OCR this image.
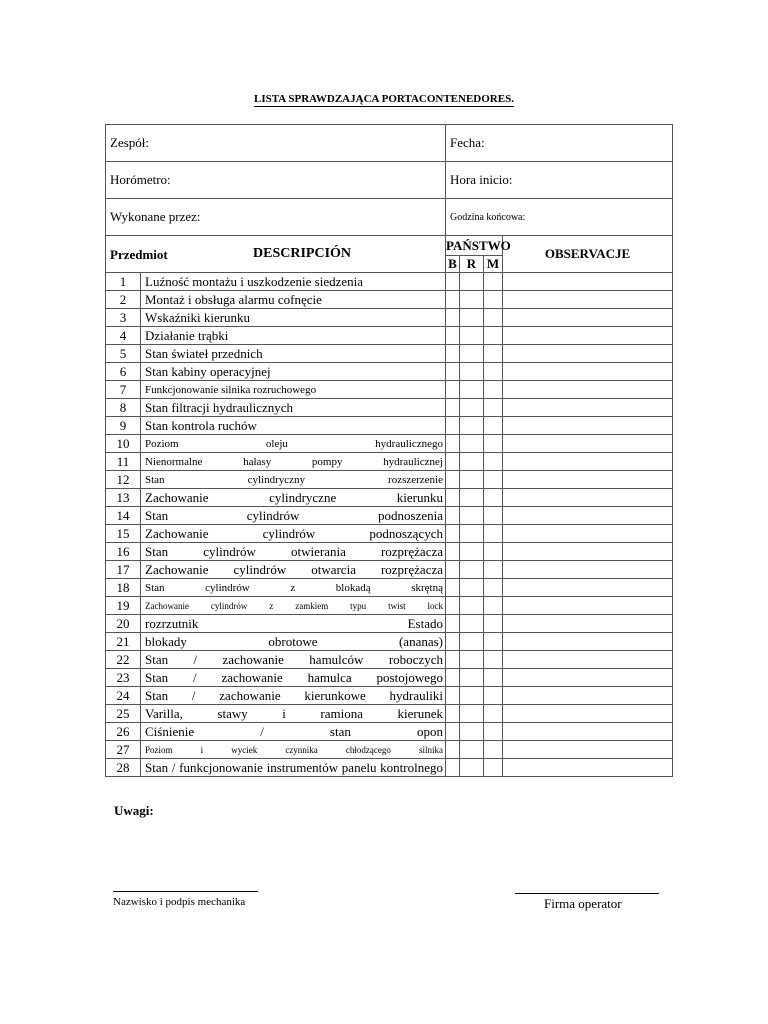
LISTA SPRAWDZAJĄCA PORTACONTENEDORES.
Zespół:		Fecha:			
Horómetro:		Hora inicio:			
Wykonane przez:		Godzina końcowa:			

Przedmiot DESCRIPCIÓN		PAŃSTWO			OBSERVACJE
		B	R	M	
1	Luźność montażu i uszkodzenie siedzenia				
2	Montaż i obsługa alarmu cofnęcie				
3	Wskaźniki kierunku				
4	Działanie trąbki				
5	Stan świateł przednich				
6	Stan kabiny operacyjnej				
7	Funkcjonowanie silnika rozruchowego				
8	Stan filtracji hydraulicznych				
9	Stan kontrola ruchów				
10	Poziom oleju hydraulicznego				
11	Nienormalne hałasy pompy hydraulicznej				
12	Stan cylindryczny rozszerzenie				
13	Zachowanie cylindryczne kierunku				
14	Stan cylindrów podnoszenia				
15	Zachowanie cylindrów podnoszących				
16	Stan cylindrów otwierania rozprężacza				
17	Zachowanie cylindrów otwarcia rozprężacza				
18	Stan cylindrów z blokadą skrętną				
19	Zachowanie cylindrów z zamkiem typu twist lock				
20	rozrzutnik Estado				
21	blokady obrotowe (ananas)				
22	Stan / zachowanie hamulców roboczych				
23	Stan / zachowanie hamulca postojowego				
24	Stan / zachowanie kierunkowe hydrauliki				
25	Varilla, stawy i ramiona kierunek				
26	Ciśnienie / stan opon				
27	Poziom i wyciek czynnika chłodzącego silnika				
28	Stan / funkcjonowanie instrumentów panelu kontrolnego				
Uwagi:
Nazwisko i podpis mechanika	Firma operator
